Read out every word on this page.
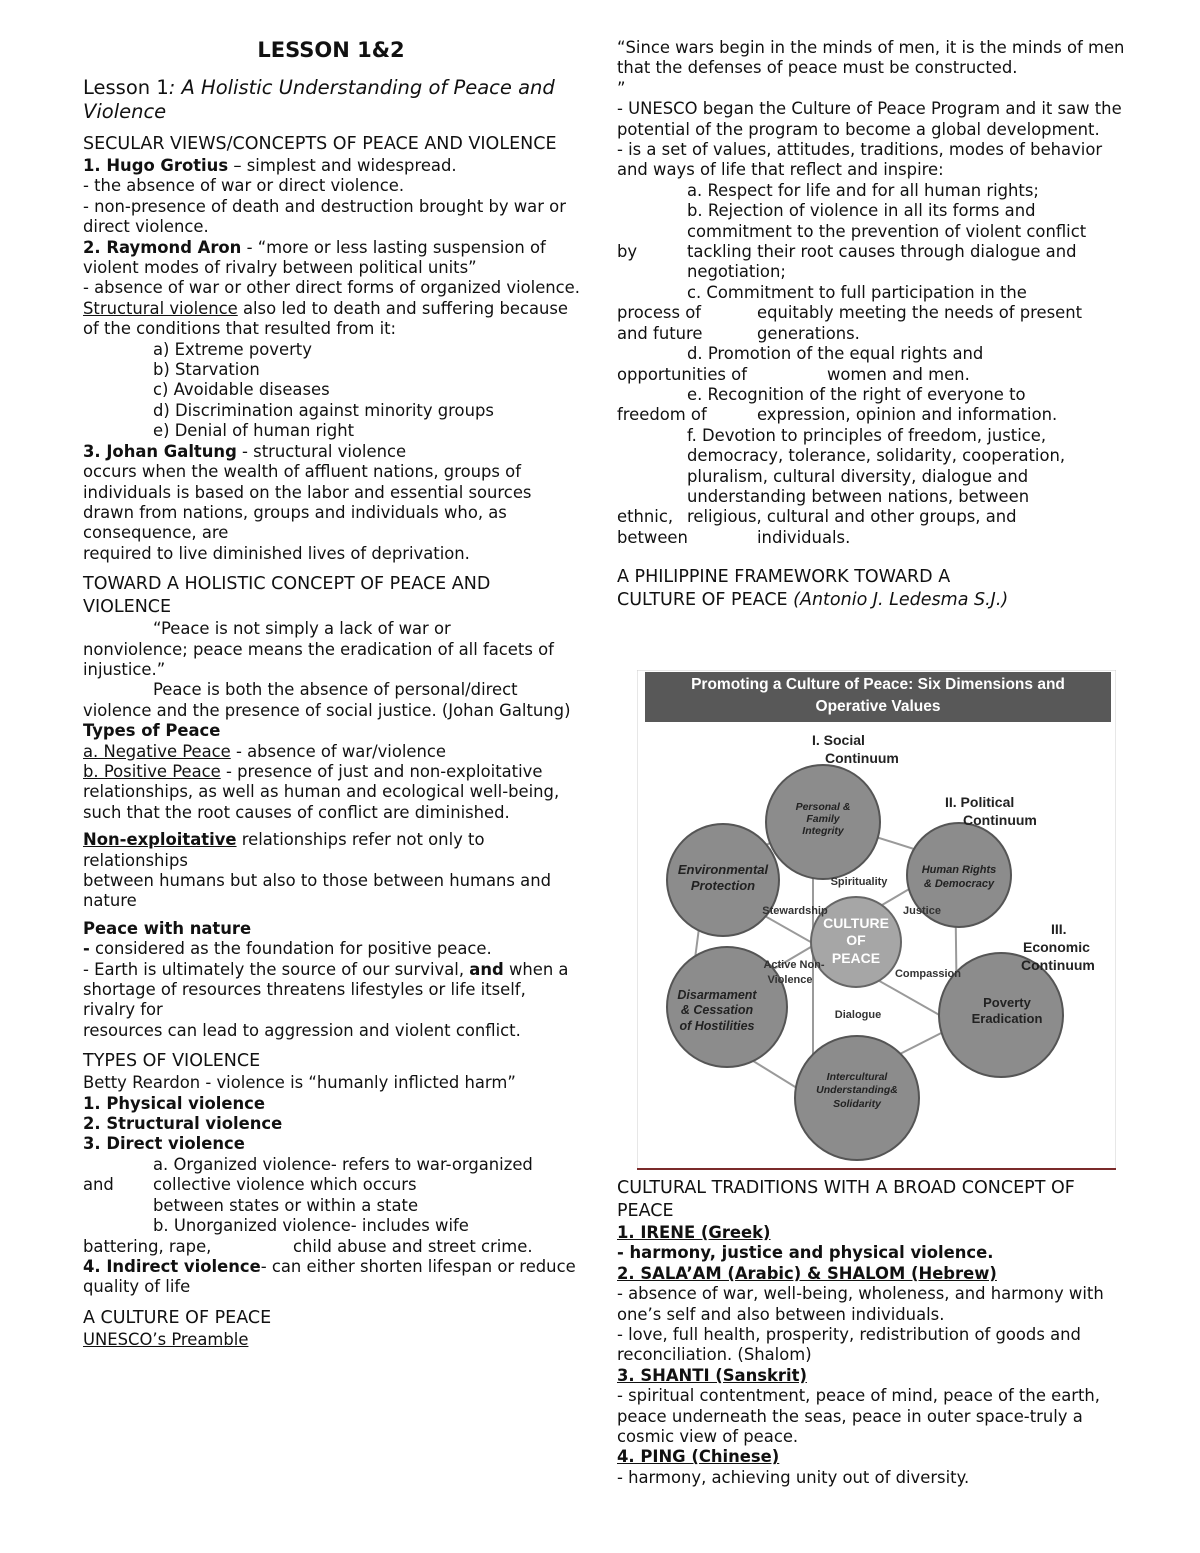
LESSON 1&2

Lesson 1: A Holistic Understanding of Peace and Violence

SECULAR VIEWS/CONCEPTS OF PEACE AND VIOLENCE

1. Hugo Grotius – simplest and widespread.

- the absence of war or direct violence.

- non-presence of death and destruction brought by war or direct violence.

2. Raymond Aron - “more or less lasting suspension of violent modes of rivalry between political units”

- absence of war or other direct forms of organized violence.

Structural violence also led to death and suffering because of the conditions that resulted from it:

a) Extreme poverty

b) Starvation

c) Avoidable diseases

d) Discrimination against minority groups

e) Denial of human right

3. Johan Galtung - structural violence

occurs when the wealth of affluent nations, groups of individuals is based on the labor and essential sources drawn from nations, groups and individuals who, as consequence, are

required to live diminished lives of deprivation.

TOWARD A HOLISTIC CONCEPT OF PEACE AND

VIOLENCE

“Peace is not simply a lack of war or

nonviolence; peace means the eradication of all facets of injustice.”

Peace is both the absence of personal/direct

violence and the presence of social justice. (Johan Galtung)

Types of Peace

a. Negative Peace - absence of war/violence

b. Positive Peace - presence of just and non-exploitative relationships, as well as human and ecological well-being, such that the root causes of conflict are diminished.

Non-exploitative relationships refer not only to relationships

between humans but also to those between humans and nature

Peace with nature

- considered as the foundation for positive peace.

- Earth is ultimately the source of our survival, and when a shortage of resources threatens lifestyles or life itself, rivalry for

resources can lead to aggression and violent conflict.

TYPES OF VIOLENCE

Betty Reardon - violence is “humanly inflicted harm”

1. Physical violence

2. Structural violence

3. Direct violence

a. Organized violence- refers to war-organized

and	collective violence which occurs

between states or within a state

b. Unorganized violence- includes wife

battering, rape,	child abuse and street crime.

4. Indirect violence- can either shorten lifespan or reduce quality of life

A CULTURE OF PEACE

UNESCO’s Preamble

“Since wars begin in the minds of men, it is the minds of men that the defenses of peace must be constructed.

”

- UNESCO began the Culture of Peace Program and it saw the

potential of the program to become a global development.

- is a set of values, attitudes, traditions, modes of behavior and ways of life that reflect and inspire:

a. Respect for life and for all human rights;

b. Rejection of violence in all its forms and

commitment to the prevention of violent conflict

by	tackling their root causes through dialogue and

negotiation;

c. Commitment to full participation in the

process of	equitably meeting the needs of present
and future	generations.

d. Promotion of the equal rights and

opportunities of	women and men.

e. Recognition of the right of everyone to

freedom of	expression, opinion and information.

f. Devotion to principles of freedom, justice,

democracy, tolerance, solidarity, cooperation,

pluralism, cultural diversity, dialogue and

understanding between nations, between

ethnic, religious, cultural and other groups, and
between	individuals.

A PHILIPPINE FRAMEWORK TOWARD A

CULTURE OF PEACE (Antonio J. Ledesma S.J.)

Promoting a Culture of Peace: Six Dimensions and
Operative Values
I. Social
Continuum
II. Political
Continuum
III.
Economic
Continuum
CULTURE
OF
PEACE
Personal &
Family
Integrity
Human Rights
& Democracy
Environmental
Protection
Poverty
Eradication
Disarmament
& Cessation
of Hostilities
Intercultural
Understanding&
Solidarity
Spirituality
Stewardship	Justice
Active Non-
Violence	Compassion
Dialogue

CULTURAL TRADITIONS WITH A BROAD CONCEPT OF PEACE

1. IRENE (Greek)

- harmony, justice and physical violence.

2. SALA’AM (Arabic) & SHALOM (Hebrew)

- absence of war, well-being, wholeness, and harmony with one’s self and also between individuals.

- love, full health, prosperity, redistribution of goods and

reconciliation. (Shalom)

3. SHANTI (Sanskrit)

- spiritual contentment, peace of mind, peace of the earth, peace underneath the seas, peace in outer space-truly a cosmic view of peace.

4. PING (Chinese)

- harmony, achieving unity out of diversity.
